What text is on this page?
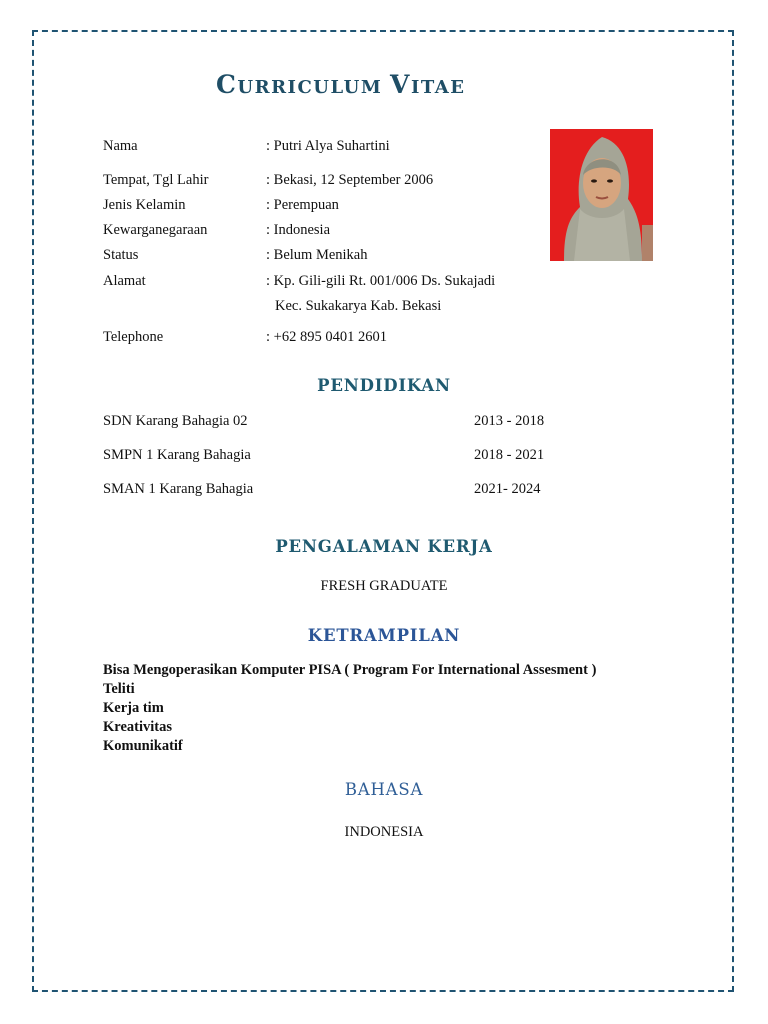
CURRICULUM VITAE
Nama	: Putri Alya Suhartini
Tempat, Tgl Lahir	: Bekasi, 12 September 2006
Jenis Kelamin	: Perempuan
Kewarganegaraan	: Indonesia
Status	: Belum Menikah
Alamat	: Kp. Gili-gili Rt. 001/006 Ds. Sukajadi
Kec. Sukakarya Kab. Bekasi
Telephone	: +62 895 0401 2601
PENDIDIKAN
SDN Karang Bahagia 02	2013 - 2018
SMPN 1 Karang Bahagia	2018 - 2021
SMAN 1 Karang Bahagia	2021- 2024
PENGALAMAN KERJA
FRESH GRADUATE
KETRAMPILAN
Bisa Mengoperasikan Komputer PISA ( Program For International Assesment )
Teliti
Kerja tim
Kreativitas
Komunikatif
BAHASA
INDONESIA
